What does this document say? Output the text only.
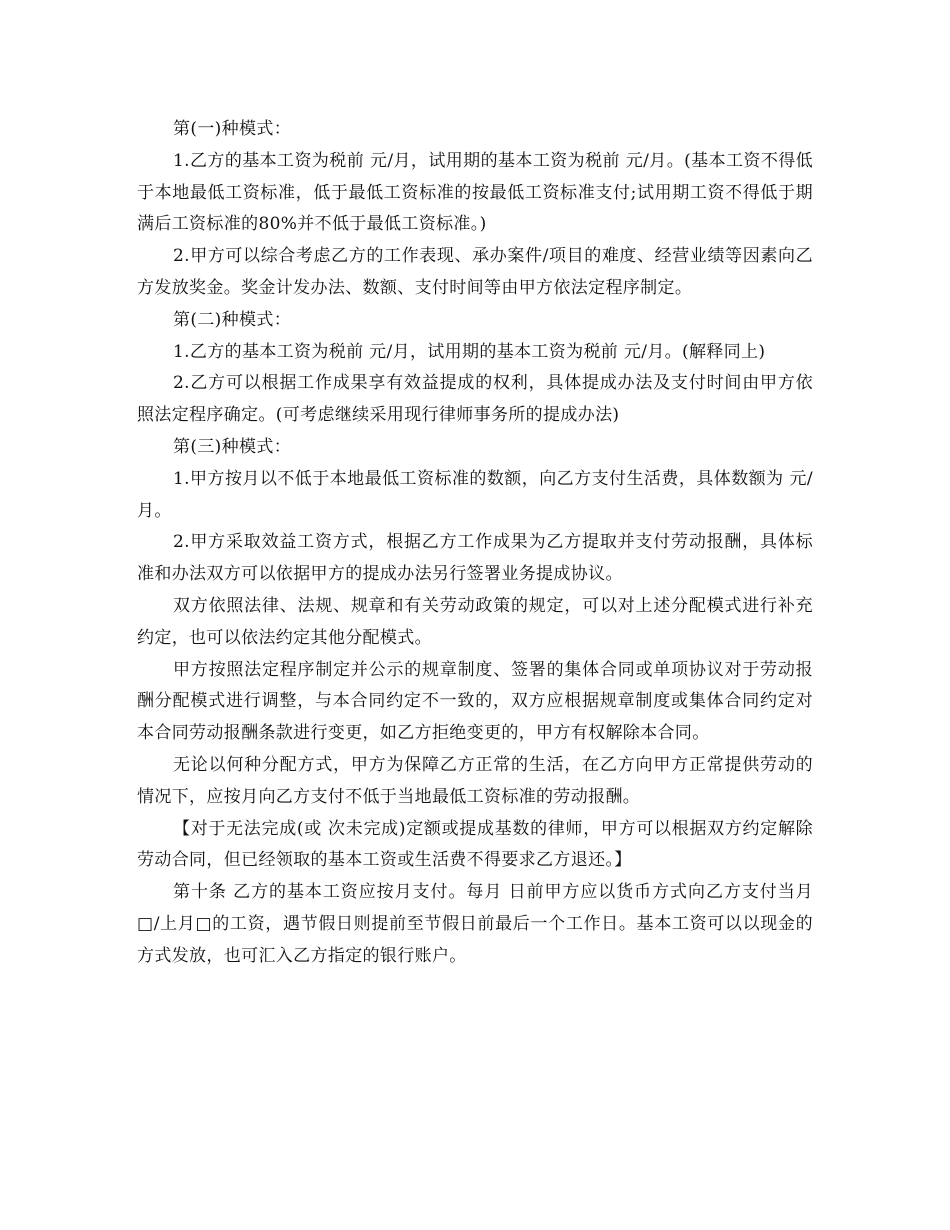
第(一)种模式：

1.乙方的基本工资为税前 元/月，试用期的基本工资为税前 元/月。(基本工资不得低于本地最低工资标准，低于最低工资标准的按最低工资标准支付;试用期工资不得低于期满后工资标准的80%并不低于最低工资标准。)

2.甲方可以综合考虑乙方的工作表现、承办案件/项目的难度、经营业绩等因素向乙方发放奖金。奖金计发办法、数额、支付时间等由甲方依法定程序制定。

第(二)种模式：

1.乙方的基本工资为税前 元/月，试用期的基本工资为税前 元/月。(解释同上)

2.乙方可以根据工作成果享有效益提成的权利，具体提成办法及支付时间由甲方依照法定程序确定。(可考虑继续采用现行律师事务所的提成办法)

第(三)种模式：

1.甲方按月以不低于本地最低工资标准的数额，向乙方支付生活费，具体数额为 元/月。

2.甲方采取效益工资方式，根据乙方工作成果为乙方提取并支付劳动报酬，具体标准和办法双方可以依据甲方的提成办法另行签署业务提成协议。

双方依照法律、法规、规章和有关劳动政策的规定，可以对上述分配模式进行补充约定，也可以依法约定其他分配模式。

甲方按照法定程序制定并公示的规章制度、签署的集体合同或单项协议对于劳动报酬分配模式进行调整，与本合同约定不一致的，双方应根据规章制度或集体合同约定对本合同劳动报酬条款进行变更，如乙方拒绝变更的，甲方有权解除本合同。

无论以何种分配方式，甲方为保障乙方正常的生活，在乙方向甲方正常提供劳动的情况下，应按月向乙方支付不低于当地最低工资标准的劳动报酬。

【对于无法完成(或 次未完成)定额或提成基数的律师，甲方可以根据双方约定解除劳动合同，但已经领取的基本工资或生活费不得要求乙方退还。】

第十条 乙方的基本工资应按月支付。每月 日前甲方应以货币方式向乙方支付当月□/上月□的工资，遇节假日则提前至节假日前最后一个工作日。基本工资可以以现金的方式发放，也可汇入乙方指定的银行账户。
